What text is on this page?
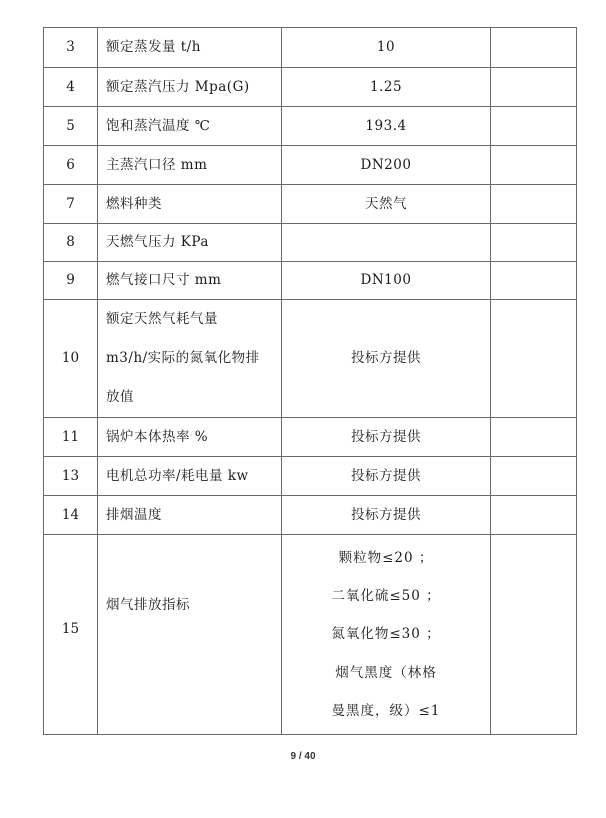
3	额定蒸发量 t/h	10	
4	额定蒸汽压力 Mpa(G)	1.25	
5	饱和蒸汽温度 ℃	193.4	
6	主蒸汽口径 mm	DN200	
7	燃料种类	天然气	
8	天燃气压力 KPa		
9	燃气接口尺寸 mm	DN100	
10	额定天然气耗气量
m3/h/实际的氮氧化物排
放值	投标方提供	
11	锅炉本体热率 %	投标方提供	
13	电机总功率/耗电量 kw	投标方提供	
14	排烟温度	投标方提供	

15	烟气排放指标	颗粒物≤20 ；
二氧化硫≤50 ；
氮氧化物≤30 ；
烟气黑度（林格
曼黑度，级）≤1	

9 / 40
